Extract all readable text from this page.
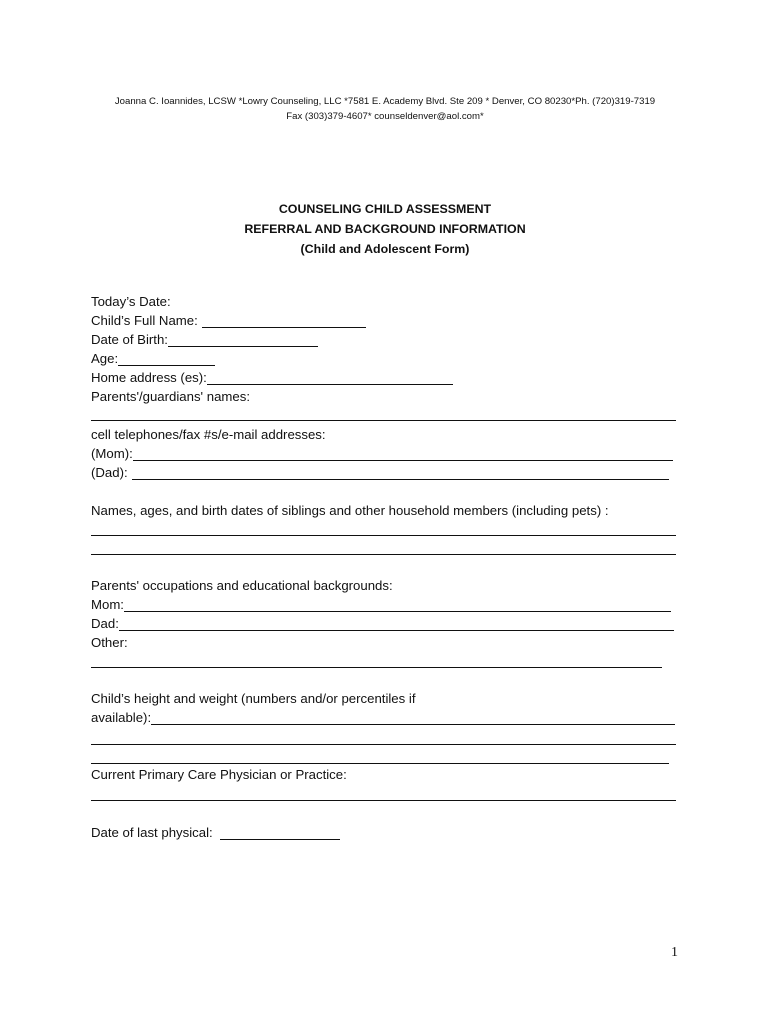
Joanna C. Ioannides, LCSW *Lowry Counseling, LLC *7581 E. Academy Blvd. Ste 209 * Denver, CO 80230*Ph. (720)319-7319
Fax (303)379-4607* counseldenver@aol.com*
COUNSELING CHILD ASSESSMENT
REFERRAL AND BACKGROUND INFORMATION
(Child and Adolescent Form)
Today’s Date:
Child’s Full Name:
Date of Birth:
Age:
Home address (es):
Parents'/guardians' names:
cell telephones/fax #s/e-mail addresses:
(Mom):
(Dad):
Names, ages, and birth dates of siblings and other household members (including pets) :
Parents' occupations and educational backgrounds:
Mom:
Dad:
Other:
Child’s height and weight (numbers and/or percentiles if
available):
Current Primary Care Physician or Practice:
Date of last physical:
1
